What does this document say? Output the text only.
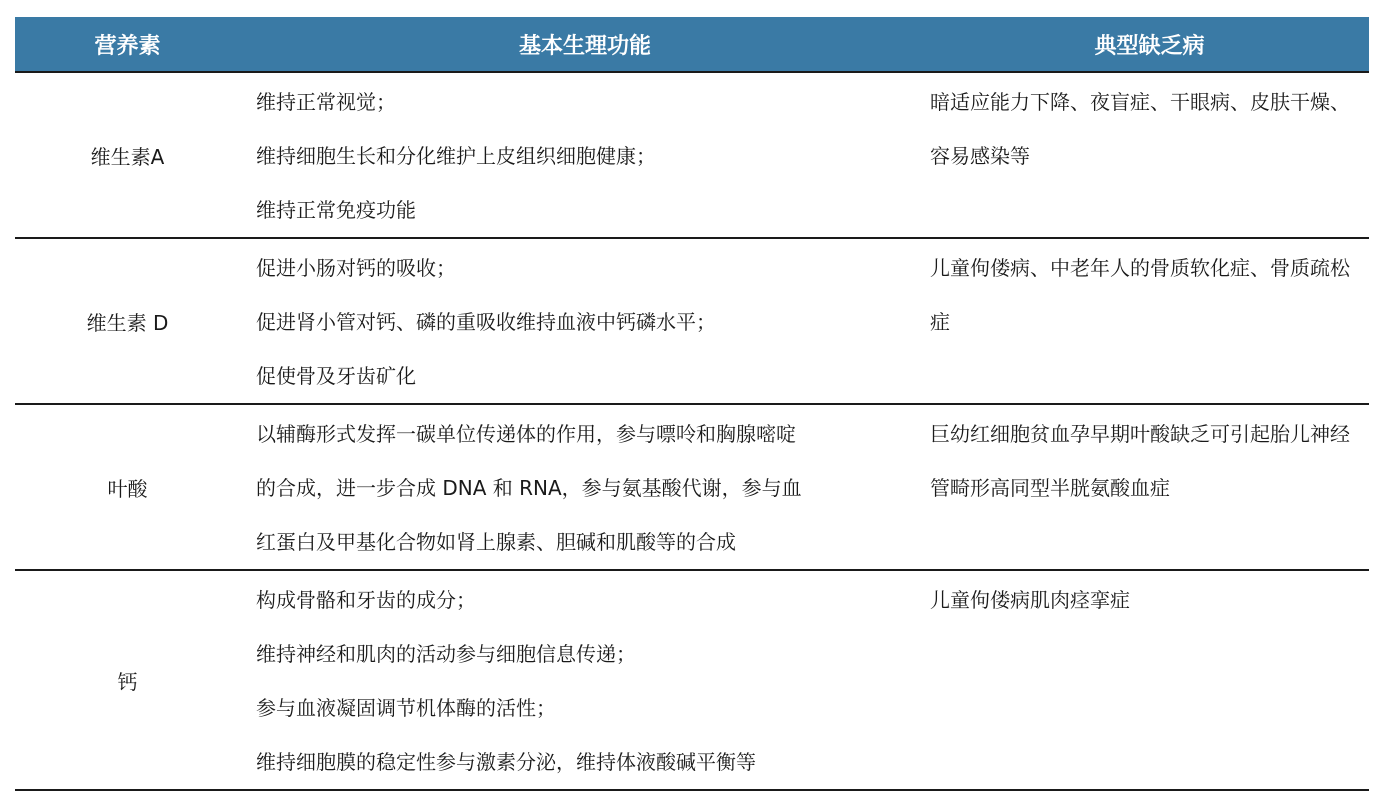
营养素	基本生理功能	典型缺乏病
维生素A
维持正常视觉；
维持细胞生长和分化维护上皮组织细胞健康；
维持正常免疫功能
暗适应能力下降、夜盲症、干眼病、皮肤干燥、容易感染等
维生素 D
促进小肠对钙的吸收；
促进肾小管对钙、磷的重吸收维持血液中钙磷水平；
促使骨及牙齿矿化
儿童佝偻病、中老年人的骨质软化症、骨质疏松症
叶酸
以辅酶形式发挥一碳单位传递体的作用，参与嘌呤和胸腺嘧啶
的合成，进一步合成 DNA 和 RNA，参与氨基酸代谢，参与血
红蛋白及甲基化合物如肾上腺素、胆碱和肌酸等的合成
巨幼红细胞贫血孕早期叶酸缺乏可引起胎儿神经管畸形高同型半胱氨酸血症
钙
构成骨骼和牙齿的成分；
维持神经和肌肉的活动参与细胞信息传递；
参与血液凝固调节机体酶的活性；
维持细胞膜的稳定性参与激素分泌，维持体液酸碱平衡等
儿童佝偻病肌肉痉挛症
